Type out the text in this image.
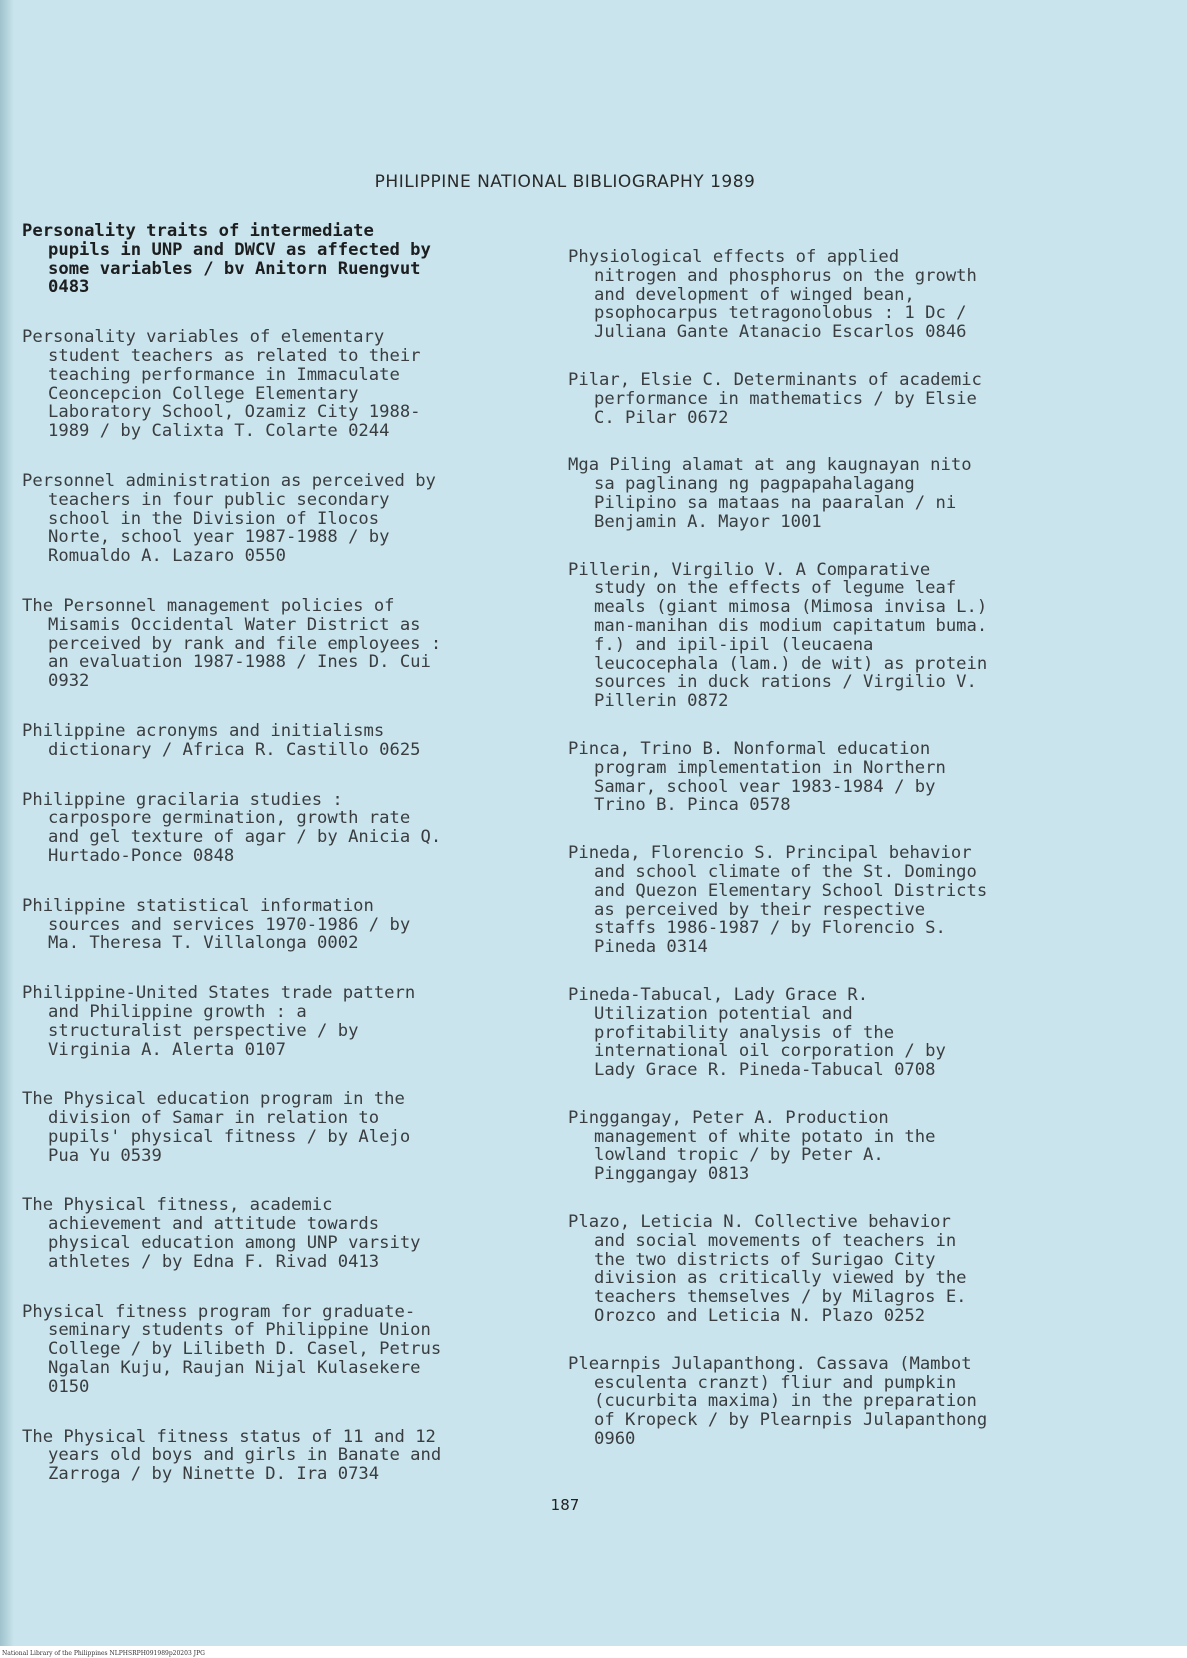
PHILIPPINE NATIONAL BIBLIOGRAPHY 1989

Personality traits of intermediate
pupils in UNP and DWCV as affected by
some variables / bv Anitorn Ruengvut
0483

Personality variables of elementary
student teachers as related to their
teaching performance in Immaculate
Ceoncepcion College Elementary
Laboratory School, Ozamiz City 1988-
1989 / by Calixta T. Colarte 0244

Personnel administration as perceived by
teachers in four public secondary
school in the Division of Ilocos
Norte, school year 1987-1988 / by
Romualdo A. Lazaro 0550

The Personnel management policies of
Misamis Occidental Water District as
perceived by rank and file employees :
an evaluation 1987-1988 / Ines D. Cui
0932

Philippine acronyms and initialisms
dictionary / Africa R. Castillo 0625

Philippine gracilaria studies :
carpospore germination, growth rate
and gel texture of agar / by Anicia Q.
Hurtado-Ponce 0848

Philippine statistical information
sources and services 1970-1986 / by
Ma. Theresa T. Villalonga 0002

Philippine-United States trade pattern
and Philippine growth : a
structuralist perspective / by
Virginia A. Alerta 0107

The Physical education program in the
division of Samar in relation to
pupils' physical fitness / by Alejo
Pua Yu 0539

The Physical fitness, academic
achievement and attitude towards
physical education among UNP varsity
athletes / by Edna F. Rivad 0413

Physical fitness program for graduate-
seminary students of Philippine Union
College / by Lilibeth D. Casel, Petrus
Ngalan Kuju, Raujan Nijal Kulasekere
0150

The Physical fitness status of 11 and 12
years old boys and girls in Banate and
Zarroga / by Ninette D. Ira 0734

Physiological effects of applied
nitrogen and phosphorus on the growth
and development of winged bean,
psophocarpus tetragonolobus : 1 Dc /
Juliana Gante Atanacio Escarlos 0846

Pilar, Elsie C. Determinants of academic
performance in mathematics / by Elsie
C. Pilar 0672

Mga Piling alamat at ang kaugnayan nito
sa paglinang ng pagpapahalagang
Pilipino sa mataas na paaralan / ni
Benjamin A. Mayor 1001

Pillerin, Virgilio V. A Comparative
study on the effects of legume leaf
meals (giant mimosa (Mimosa invisa L.)
man-manihan dis modium capitatum buma.
f.) and ipil-ipil (leucaena
leucocephala (lam.) de wit) as protein
sources in duck rations / Virgilio V.
Pillerin 0872

Pinca, Trino B. Nonformal education
program implementation in Northern
Samar, school vear 1983-1984 / by
Trino B. Pinca 0578

Pineda, Florencio S. Principal behavior
and school climate of the St. Domingo
and Quezon Elementary School Districts
as perceived by their respective
staffs 1986-1987 / by Florencio S.
Pineda 0314

Pineda-Tabucal, Lady Grace R.
Utilization potential and
profitability analysis of the
international oil corporation / by
Lady Grace R. Pineda-Tabucal 0708

Pinggangay, Peter A. Production
management of white potato in the
lowland tropic / by Peter A.
Pinggangay 0813

Plazo, Leticia N. Collective behavior
and social movements of teachers in
the two districts of Surigao City
division as critically viewed by the
teachers themselves / by Milagros E.
Orozco and Leticia N. Plazo 0252

Plearnpis Julapanthong. Cassava (Mambot
esculenta cranzt) fliur and pumpkin
(cucurbita maxima) in the preparation
of Kropeck / by Plearnpis Julapanthong
0960

187
National Library of the Philippines NLPHSRPH091989p20203 JPG
